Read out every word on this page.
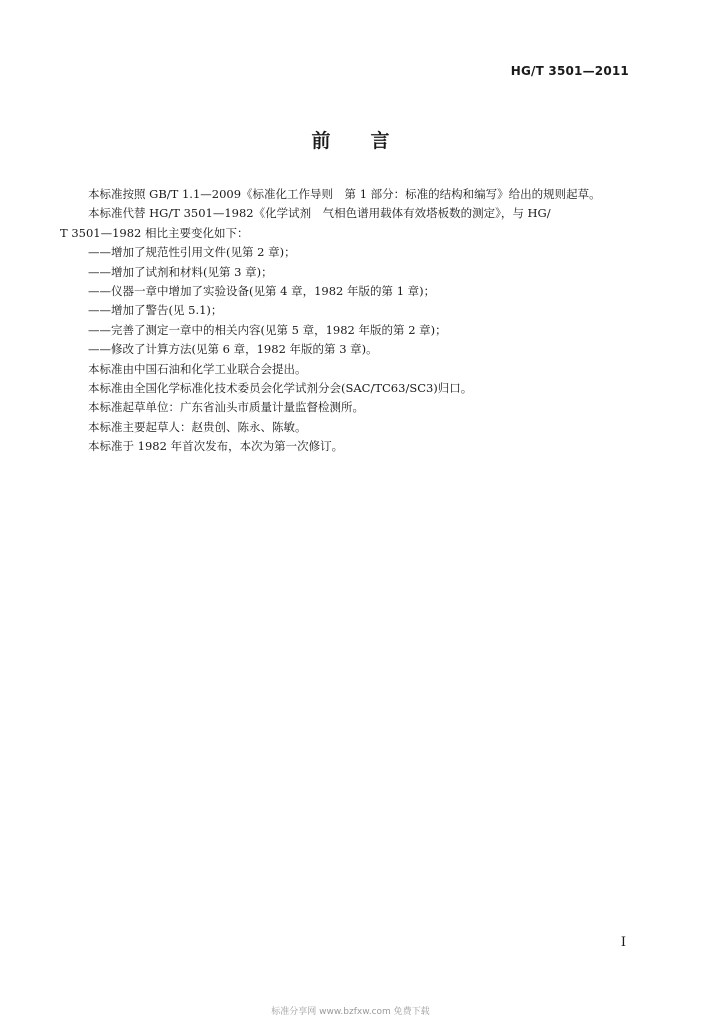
HG/T 3501—2011
前 言
本标准按照 GB/T 1.1—2009《标准化工作导则　第 1 部分：标准的结构和编写》给出的规则起草。
本标准代替 HG/T 3501—1982《化学试剂　气相色谱用载体有效塔板数的测定》，与 HG/
T 3501—1982 相比主要变化如下：
——增加了规范性引用文件(见第 2 章)；
——增加了试剂和材料(见第 3 章)；
——仪器一章中增加了实验设备(见第 4 章，1982 年版的第 1 章)；
——增加了警告(见 5.1)；
——完善了测定一章中的相关内容(见第 5 章，1982 年版的第 2 章)；
——修改了计算方法(见第 6 章，1982 年版的第 3 章)。
本标准由中国石油和化学工业联合会提出。
本标准由全国化学标准化技术委员会化学试剂分会(SAC/TC63/SC3)归口。
本标准起草单位：广东省汕头市质量计量监督检测所。
本标准主要起草人：赵贵创、陈永、陈敏。
本标准于 1982 年首次发布，本次为第一次修订。
I
标准分享网 www.bzfxw.com 免费下载
